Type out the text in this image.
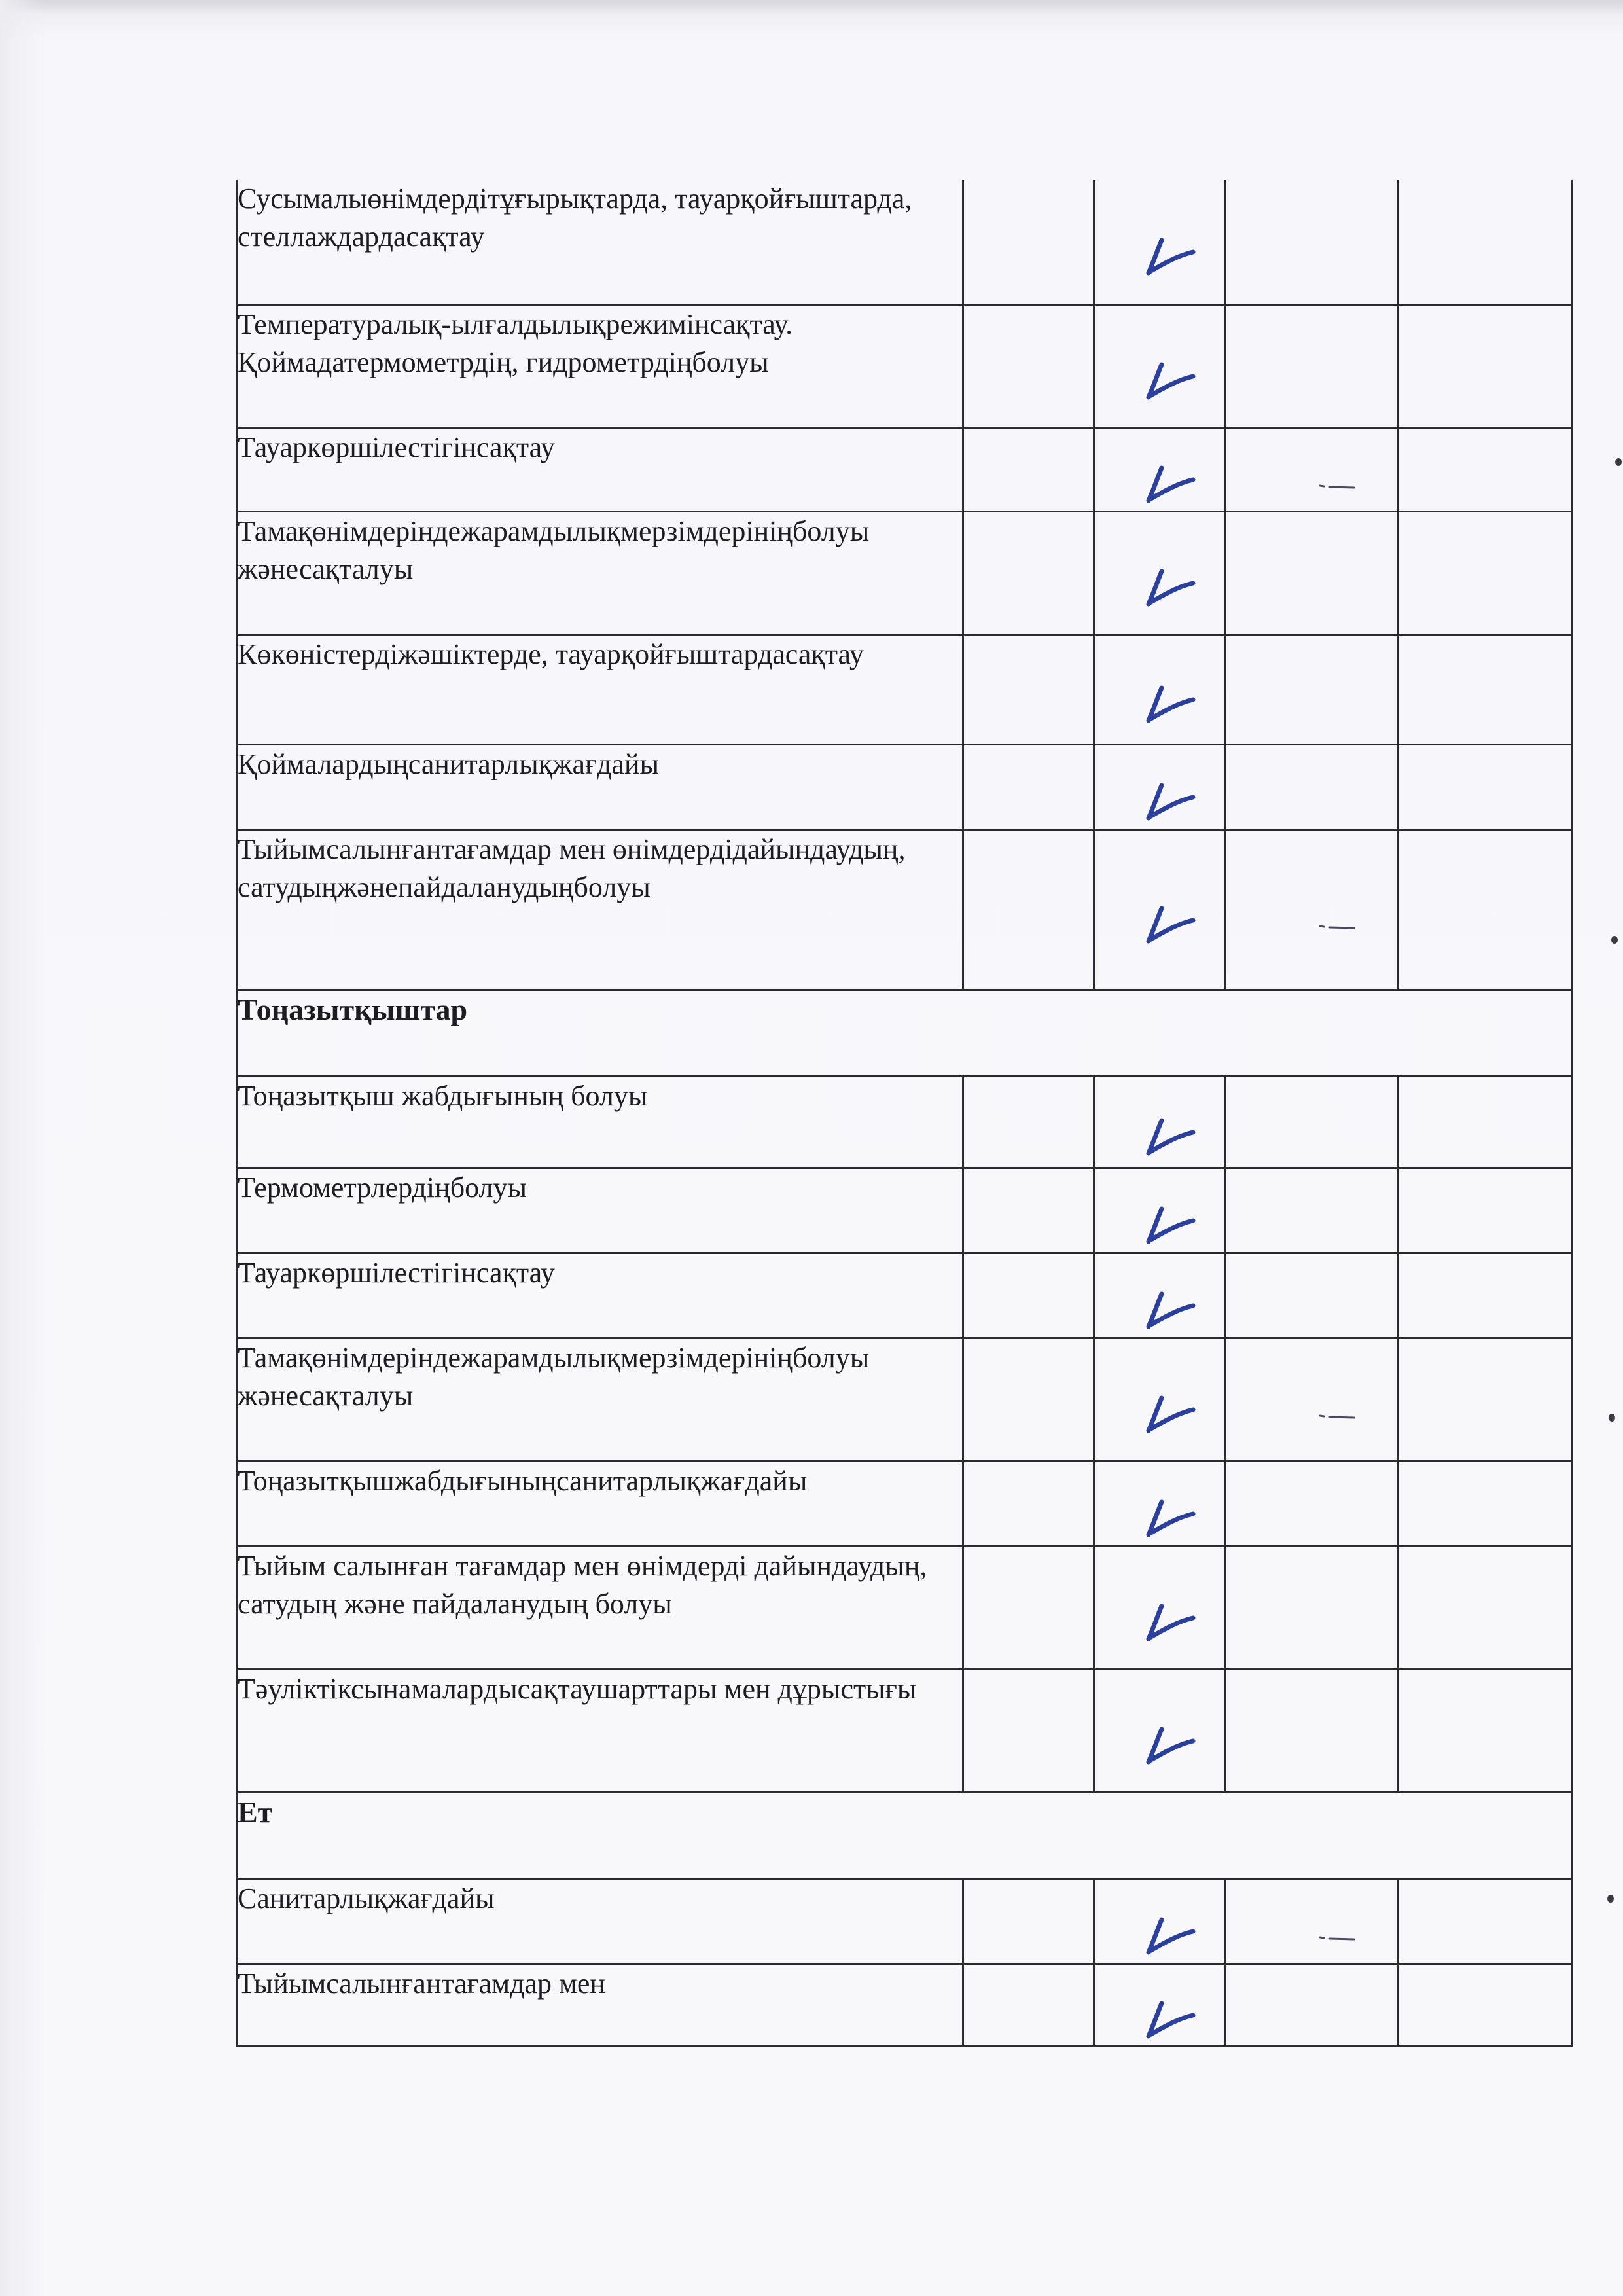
Сусымалыөнімдердітұғырықтарда, тауарқойғыштарда, стеллаждардасақтау		

Температуралық-ылғалдылықрежимінсақтау. Қоймадатермометрдің, гидрометрдіңболуы		

Тауаркөршілестігінсақтау		

Тамақөнімдеріндежарамдылықмерзімдерініңболуы жәнесақталуы		

Көкөністердіжәшіктерде, тауарқойғыштардасақтау		

Қоймалардыңсанитарлықжағдайы		

Тыйымсалынғантағамдар мен өнімдердідайындаудың, сатудыңжәнепайдаланудыңболуы		

Тоңазытқыштар				
Тоңазытқыш жабдығының болуы		

Термометрлердіңболуы		

Тауаркөршілестігінсақтау		

Тамақөнімдеріндежарамдылықмерзімдерініңболуы жәнесақталуы		

Тоңазытқышжабдығыныңсанитарлықжағдайы		

Тыйым салынған тағамдар мен өнімдерді дайындаудың, сатудың және пайдаланудың болуы		

Тәуліктіксынамалардысақтаушарттары мен дұрыстығы		

Ет				
Санитарлықжағдайы		

Тыйымсалынғантағамдар мен		
